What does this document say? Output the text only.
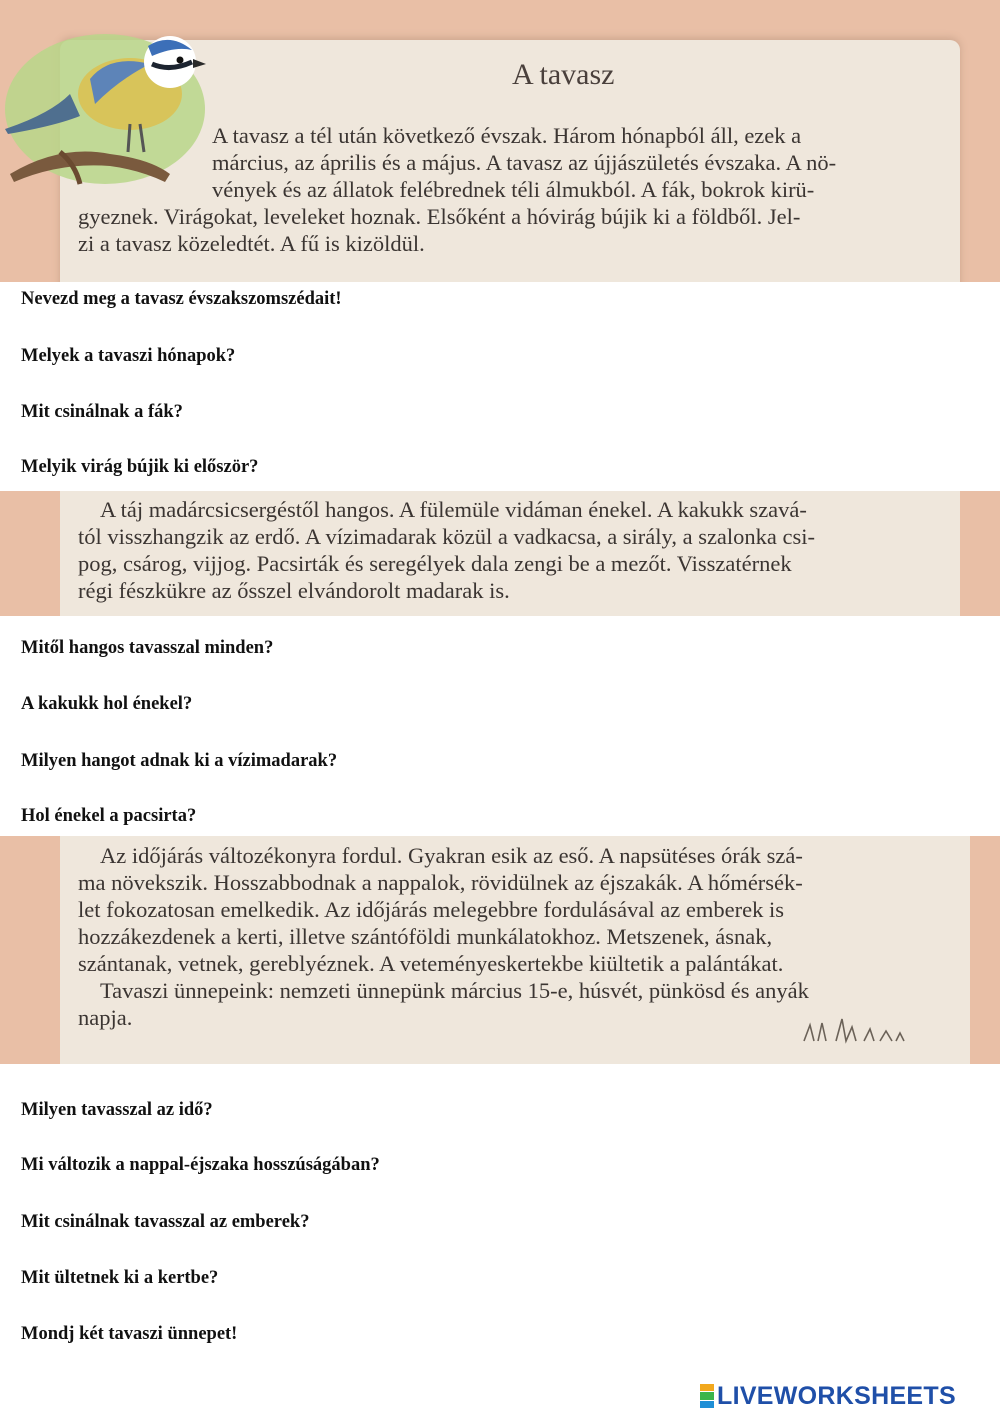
A tavasz
A tavasz a tél után következő évszak. Három hónapból áll, ezek a
március, az április és a május. A tavasz az újjászületés évszaka. A nö-
vények és az állatok felébrednek téli álmukból. A fák, bokrok kirü-
gyeznek. Virágokat, leveleket hoznak. Elsőként a hóvirág bújik ki a földből. Jel-
zi a tavasz közeledtét. A fű is kizöldül.
Nevezd meg a tavasz évszakszomszédait!
Melyek a tavaszi hónapok?
Mit csinálnak a fák?
Melyik virág bújik ki először?
A táj madárcsicsergéstől hangos. A fülemüle vidáman énekel. A kakukk szavá-
tól visszhangzik az erdő. A vízimadarak közül a vadkacsa, a sirály, a szalonka csi-
pog, csárog, vijjog. Pacsirták és seregélyek dala zengi be a mezőt. Visszatérnek
régi fészkükre az ősszel elvándorolt madarak is.
Mitől hangos tavasszal minden?
A kakukk hol énekel?
Milyen hangot adnak ki a vízimadarak?
Hol énekel a pacsirta?
Az időjárás változékonyra fordul. Gyakran esik az eső. A napsütéses órák szá-
ma növekszik. Hosszabbodnak a nappalok, rövidülnek az éjszakák. A hőmérsék-
let fokozatosan emelkedik. Az időjárás melegebbre fordulásával az emberek is
hozzákezdenek a kerti, illetve szántóföldi munkálatokhoz. Metszenek, ásnak,
szántanak, vetnek, gereblyéznek. A veteményeskertekbe kiültetik a palántákat.
Tavaszi ünnepeink: nemzeti ünnepünk március 15-e, húsvét, pünkösd és anyák
napja.
Milyen tavasszal az idő?
Mi változik a nappal-éjszaka hosszúságában?
Mit csinálnak tavasszal az emberek?
Mit ültetnek ki a kertbe?
Mondj két tavaszi ünnepet!
LIVEWORKSHEETS
